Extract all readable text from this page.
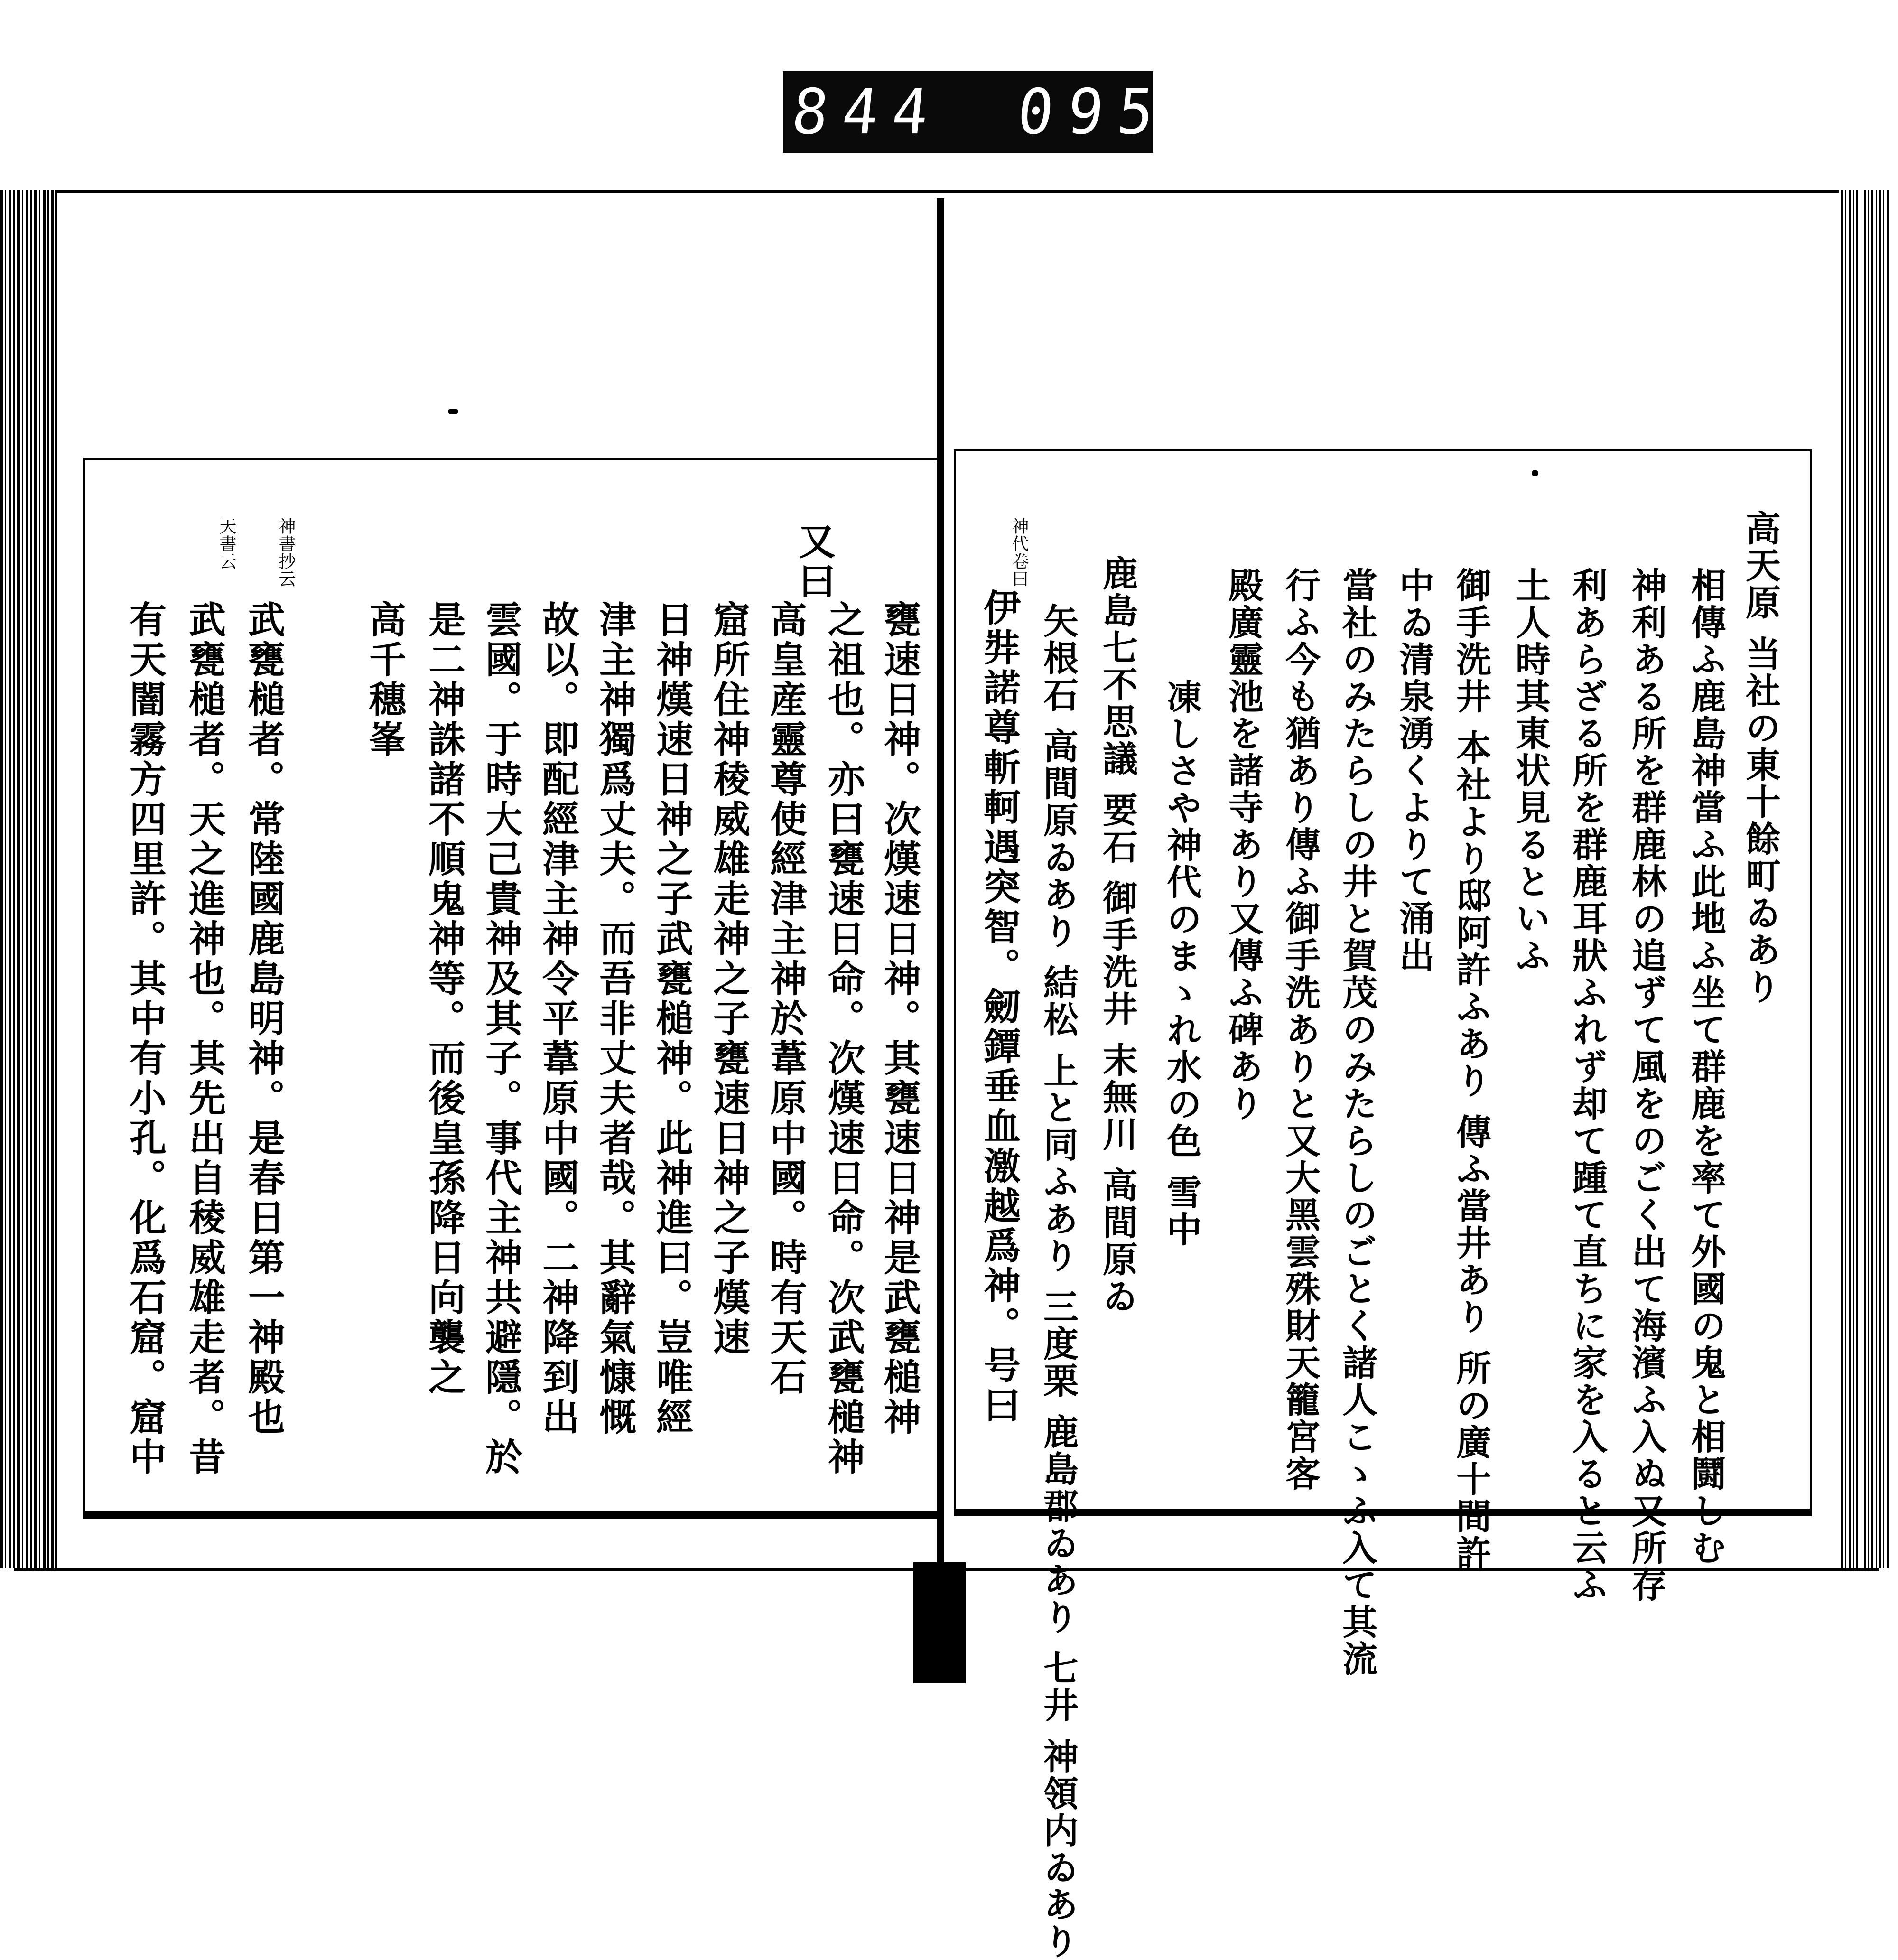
844 095.
又曰
甕速日神。次熯速日神。其甕速日神是武甕槌神
之祖也。亦曰甕速日命。次熯速日命。次武甕槌神
高皇産靈尊使經津主神於葦原中國。時有天石
窟所住神稜威雄走神之子甕速日神之子熯速
日神熯速日神之子武甕槌神。此神進曰。豈唯經
津主神獨爲丈夫。而吾非丈夫者哉。其辭氣慷慨
故以。即配經津主神令平葦原中國。二神降到出
雲國。于時大己貴神及其子。事代主神共避隱。於
是二神誅諸不順鬼神等。而後皇孫降日向襲之
高千穗峯
神書抄云
天書云
武甕槌者。常陸國鹿島明神。是春日第一神殿也
武甕槌者。天之進神也。其先出自稜威雄走者。昔
有天闇霧方四里許。其中有小孔。化爲石窟。窟中	高天原 当社の東十餘町ゐあり
相傳ふ鹿島神當ふ此地ふ坐て群鹿を率て外國の鬼と相鬪しむ
神利ある所を群鹿林の追ずて風をのごく出て海濱ふ入ぬ又所存
利あらざる所を群鹿耳狀ふれず却て踵て直ちに家を入ると云ふ
土人時其東状見るといふ
御手洗井 本社より邸阿許ふあり 傳ふ當井あり 所の廣十間許
中ゐ清泉湧くよりて涌出
當社のみたらしの井と賀茂のみたらしのごとく諸人こゝふ入て其流
行ふ今も猶あり傳ふ御手洗ありと又大黑雲殊財天籠宮客
殿廣靈池を諸寺あり又傳ふ碑あり
凍しさや神代のまゝれ水の色 雪中
鹿島七不思議 要石 御手洗井 末無川 高間原ゐ
矢根石 高間原ゐあり 結松 上と同ふあり 三度栗 鹿島郡ゐあり 七井 神領内ゐあり
神代卷曰
伊弉諾尊斬軻遇突智。劒鐔垂血激越爲神。号曰
